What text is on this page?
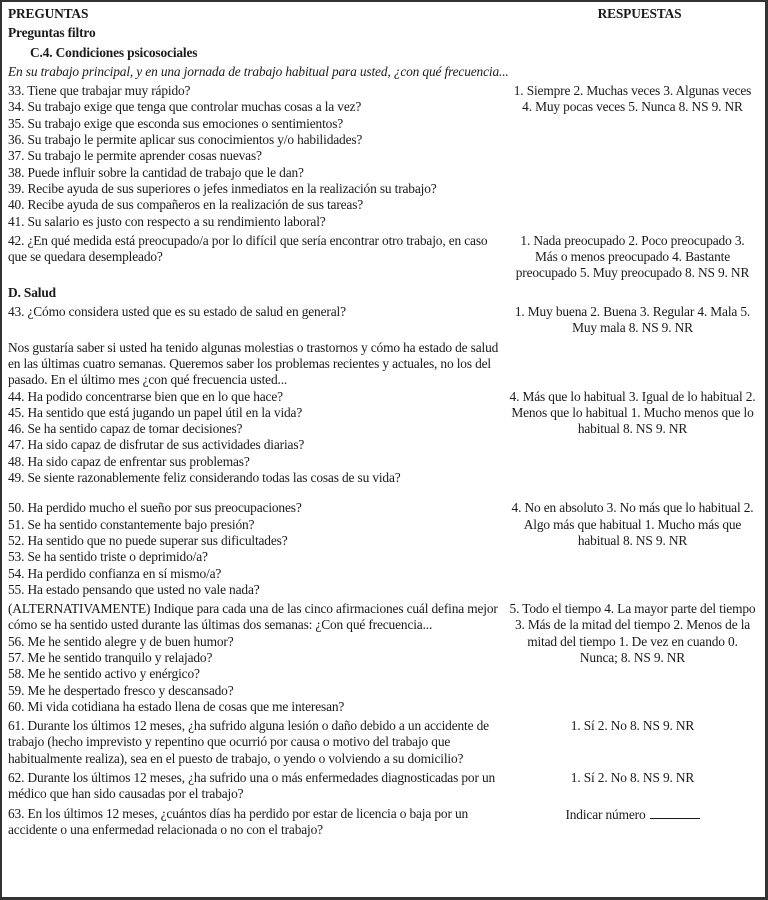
PREGUNTAS	RESPUESTAS
Preguntas filtro
C.4. Condiciones psicosociales
En su trabajo principal, y en una jornada de trabajo habitual para usted, ¿con qué frecuencia...
33. Tiene que trabajar muy rápido?
34. Su trabajo exige que tenga que controlar muchas cosas a la vez?
35. Su trabajo exige que esconda sus emociones o sentimientos?
36. Su trabajo le permite aplicar sus conocimientos y/o habilidades?
37. Su trabajo le permite aprender cosas nuevas?
38. Puede influir sobre la cantidad de trabajo que le dan?
39. Recibe ayuda de sus superiores o jefes inmediatos en la realización su trabajo?
40. Recibe ayuda de sus compañeros en la realización de sus tareas?
41. Su salario es justo con respecto a su rendimiento laboral?
1. Siempre 2. Muchas veces 3. Algunas veces 4. Muy pocas veces 5. Nunca 8. NS 9. NR
42. ¿En qué medida está preocupado/a por lo difícil que sería encontrar otro trabajo, en caso que se quedara desempleado?
1. Nada preocupado 2. Poco preocupado 3. Más o menos preocupado 4. Bastante preocupado 5. Muy preocupado 8. NS 9. NR
D. Salud
43. ¿Cómo considera usted que es su estado de salud en general?	1. Muy buena 2. Buena 3. Regular 4. Mala 5. Muy mala 8. NS 9. NR
Nos gustaría saber si usted ha tenido algunas molestias o trastornos y cómo ha estado de salud en las últimas cuatro semanas. Queremos saber los problemas recientes y actuales, no los del pasado. En el último mes ¿con qué frecuencia usted...
44. Ha podido concentrarse bien que en lo que hace?
45. Ha sentido que está jugando un papel útil en la vida?
46. Se ha sentido capaz de tomar decisiones?
47. Ha sido capaz de disfrutar de sus actividades diarias?
48. Ha sido capaz de enfrentar sus problemas?
49. Se siente razonablemente feliz considerando todas las cosas de su vida?
4. Más que lo habitual 3. Igual de lo habitual 2. Menos que lo habitual 1. Mucho menos que lo habitual 8. NS 9. NR
50. Ha perdido mucho el sueño por sus preocupaciones?
51. Se ha sentido constantemente bajo presión?
52. Ha sentido que no puede superar sus dificultades?
53. Se ha sentido triste o deprimido/a?
54. Ha perdido confianza en sí mismo/a?
55. Ha estado pensando que usted no vale nada?
4. No en absoluto 3. No más que lo habitual 2. Algo más que habitual 1. Mucho más que habitual 8. NS 9. NR
(ALTERNATIVAMENTE) Indique para cada una de las cinco afirmaciones cuál defina mejor cómo se ha sentido usted durante las últimas dos semanas: ¿Con qué frecuencia...
56. Me he sentido alegre y de buen humor?
57. Me he sentido tranquilo y relajado?
58. Me he sentido activo y enérgico?
59. Me he despertado fresco y descansado?
60. Mi vida cotidiana ha estado llena de cosas que me interesan?
5. Todo el tiempo 4. La mayor parte del tiempo 3. Más de la mitad del tiempo 2. Menos de la mitad del tiempo 1. De vez en cuando 0. Nunca; 8. NS 9. NR
61. Durante los últimos 12 meses, ¿ha sufrido alguna lesión o daño debido a un accidente de trabajo (hecho imprevisto y repentino que ocurrió por causa o motivo del trabajo que habitualmente realiza), sea en el puesto de trabajo, o yendo o volviendo a su domicilio?
1. Sí 2. No 8. NS 9. NR
62. Durante los últimos 12 meses, ¿ha sufrido una o más enfermedades diagnosticadas por un médico que han sido causadas por el trabajo?
1. Sí 2. No 8. NS 9. NR
63. En los últimos 12 meses, ¿cuántos días ha perdido por estar de licencia o baja por un accidente o una enfermedad relacionada o no con el trabajo?
Indicar número
